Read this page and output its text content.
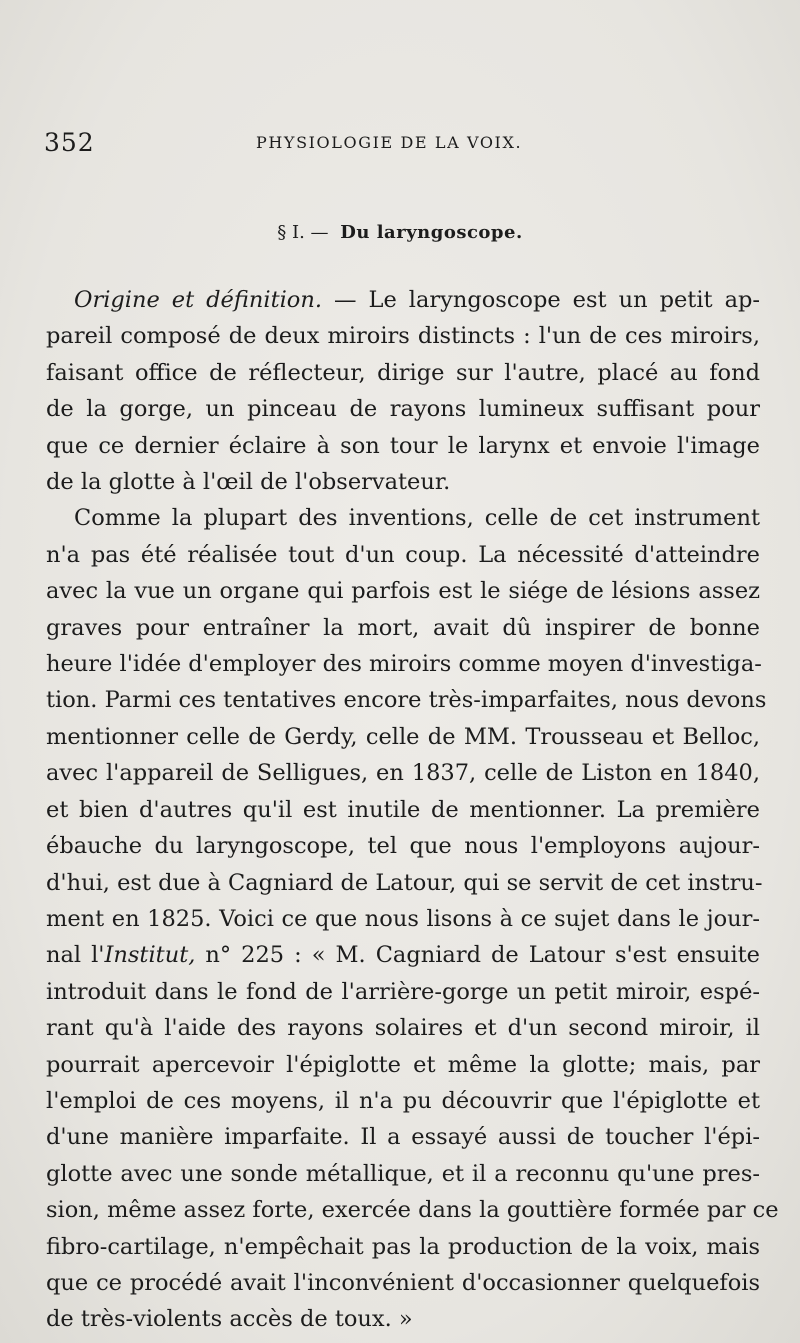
352	PHYSIOLOGIE DE LA VOIX.
§ I. — Du laryngoscope.
Origine et définition. — Le laryngoscope est un petit ap-
pareil composé de deux miroirs distincts : l'un de ces miroirs,
faisant office de réflecteur, dirige sur l'autre, placé au fond
de la gorge, un pinceau de rayons lumineux suffisant pour
que ce dernier éclaire à son tour le larynx et envoie l'image
de la glotte à l'œil de l'observateur.
Comme la plupart des inventions, celle de cet instrument
n'a pas été réalisée tout d'un coup. La nécessité d'atteindre
avec la vue un organe qui parfois est le siége de lésions assez
graves pour entraîner la mort, avait dû inspirer de bonne
heure l'idée d'employer des miroirs comme moyen d'investiga-
tion. Parmi ces tentatives encore très-imparfaites, nous devons
mentionner celle de Gerdy, celle de MM. Trousseau et Belloc,
avec l'appareil de Selligues, en 1837, celle de Liston en 1840,
et bien d'autres qu'il est inutile de mentionner. La première
ébauche du laryngoscope, tel que nous l'employons aujour-
d'hui, est due à Cagniard de Latour, qui se servit de cet instru-
ment en 1825. Voici ce que nous lisons à ce sujet dans le jour-
nal l'Institut, n° 225 : « M. Cagniard de Latour s'est ensuite
introduit dans le fond de l'arrière-gorge un petit miroir, espé-
rant qu'à l'aide des rayons solaires et d'un second miroir, il
pourrait apercevoir l'épiglotte et même la glotte; mais, par
l'emploi de ces moyens, il n'a pu découvrir que l'épiglotte et
d'une manière imparfaite. Il a essayé aussi de toucher l'épi-
glotte avec une sonde métallique, et il a reconnu qu'une pres-
sion, même assez forte, exercée dans la gouttière formée par ce
fibro-cartilage, n'empêchait pas la production de la voix, mais
que ce procédé avait l'inconvénient d'occasionner quelquefois
de très-violents accès de toux. »
